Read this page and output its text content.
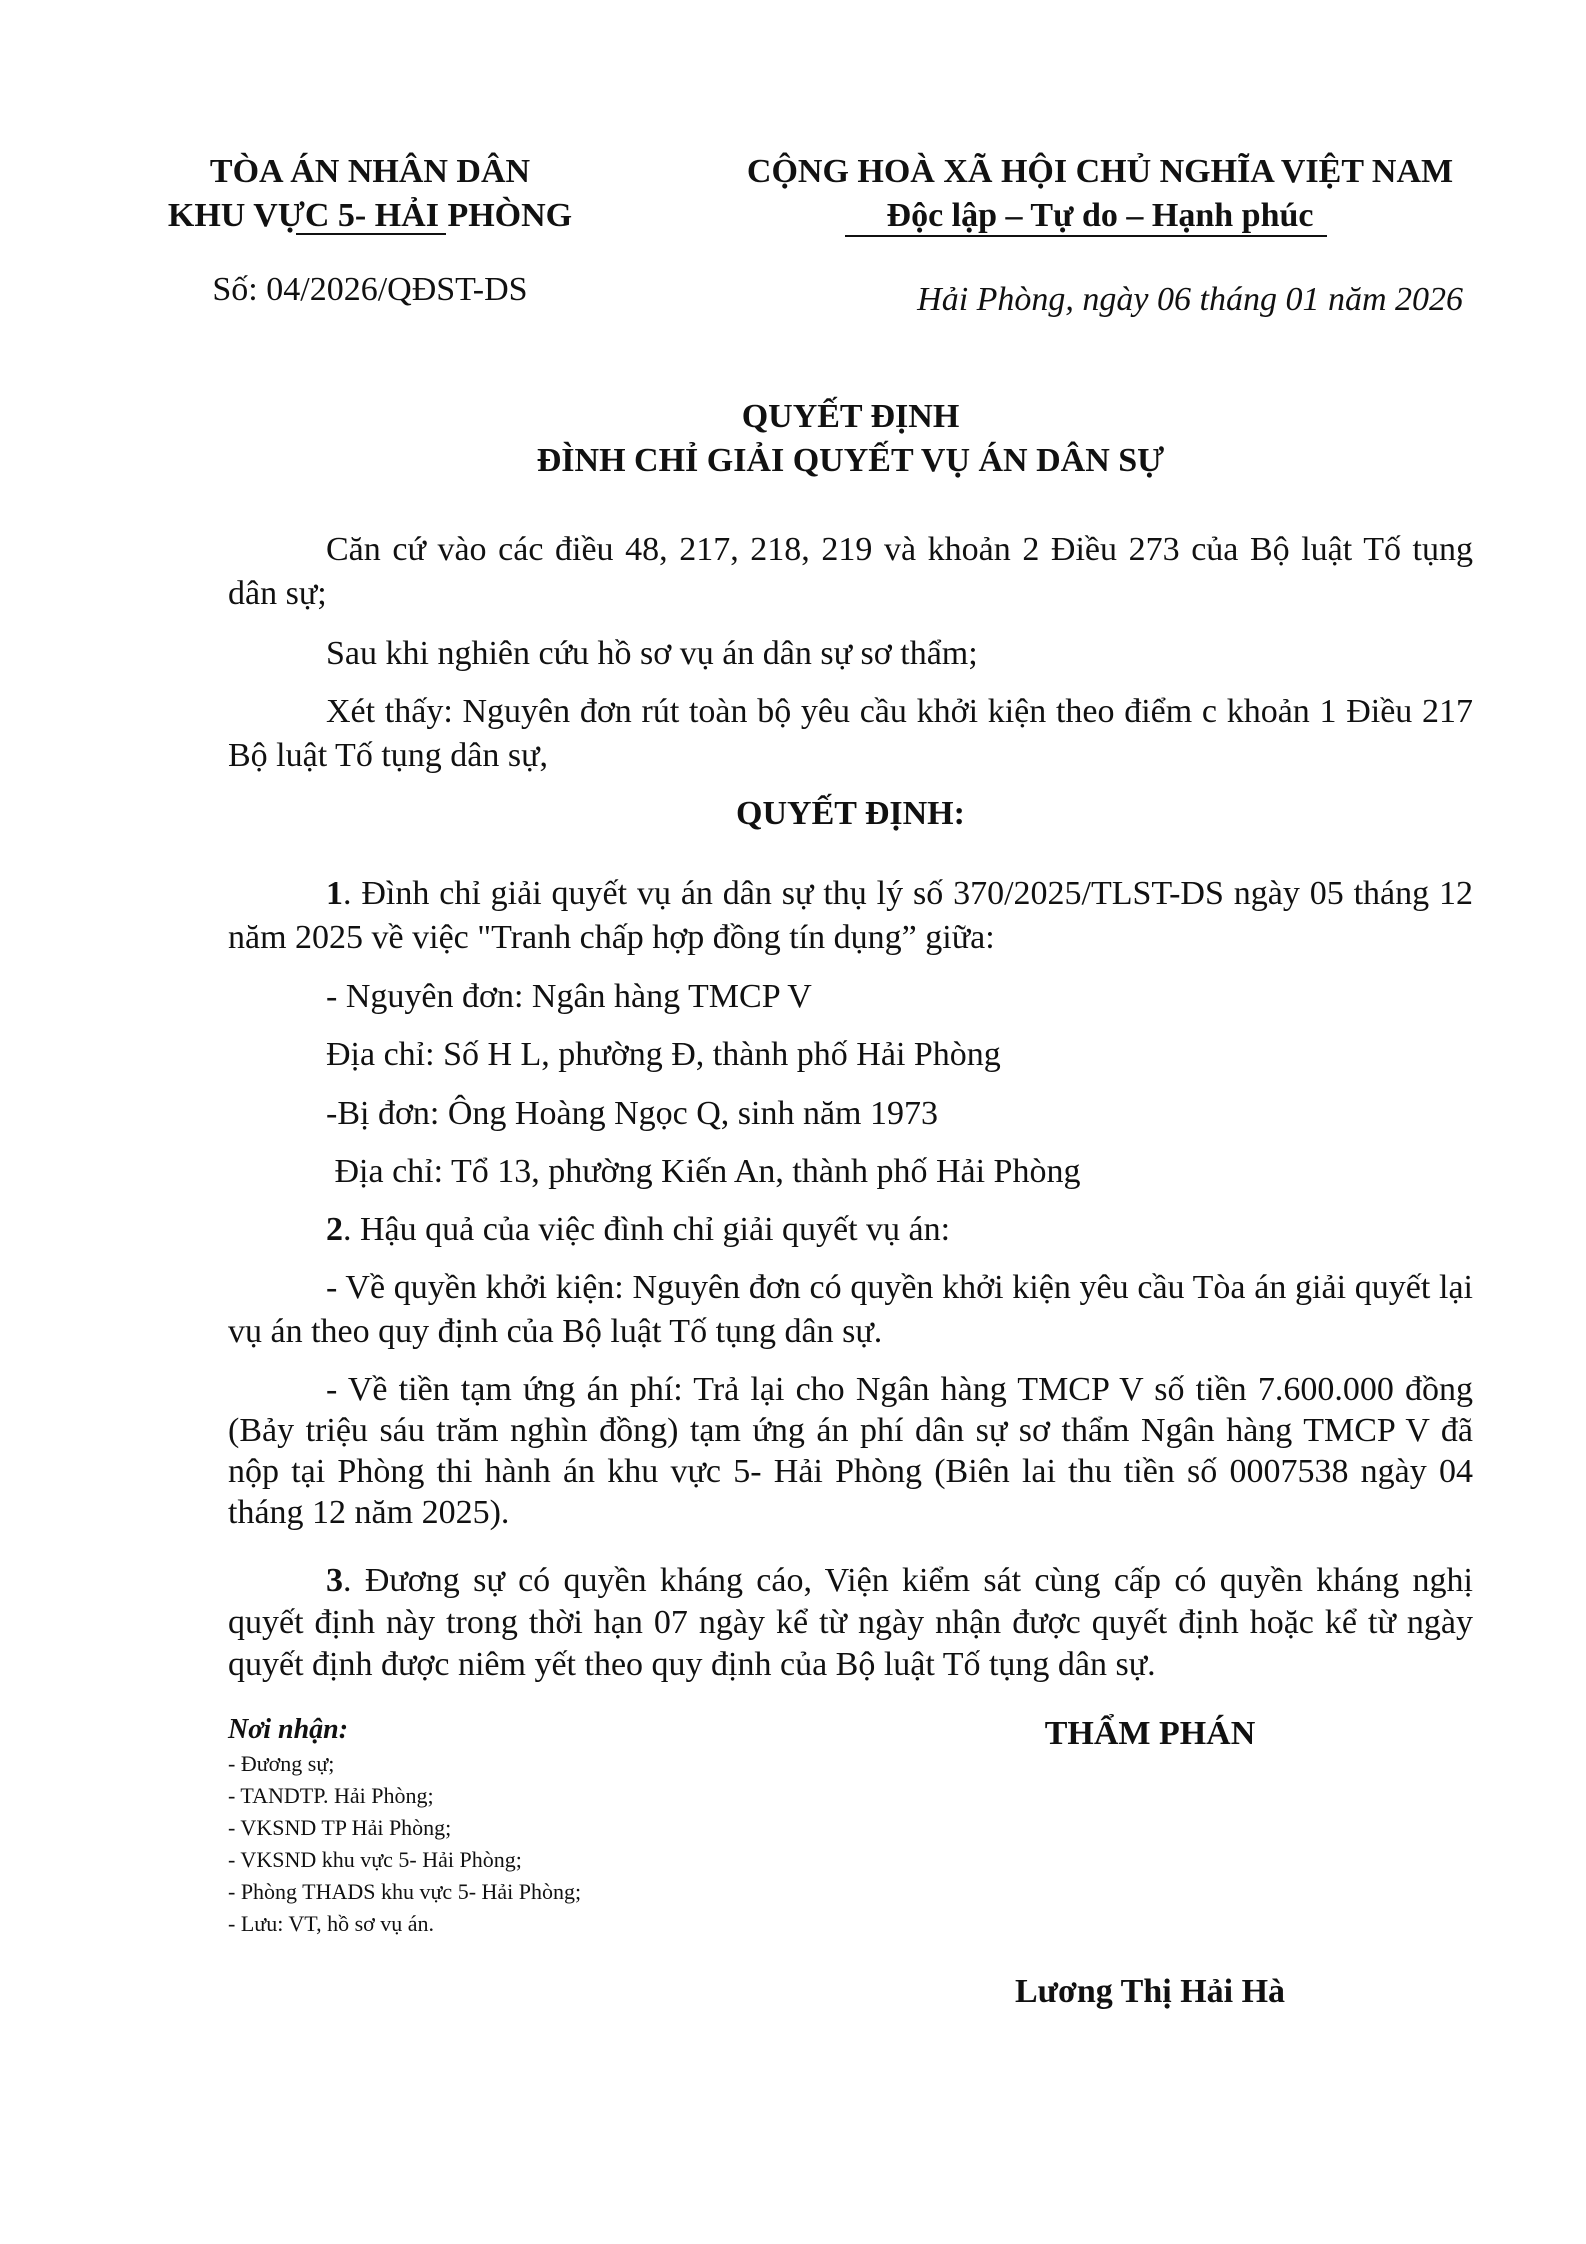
TÒA ÁN NHÂN DÂN
KHU VỰC 5- HẢI PHÒNG
Số: 04/2026/QĐST-DS
CỘNG HOÀ XÃ HỘI CHỦ NGHĨA VIỆT NAM
Độc lập – Tự do – Hạnh phúc
Hải Phòng, ngày 06 tháng 01 năm 2026
QUYẾT ĐỊNH
ĐÌNH CHỈ GIẢI QUYẾT VỤ ÁN DÂN SỰ
Căn cứ vào các điều 48, 217, 218, 219 và khoản 2 Điều 273 của Bộ luật Tố tụng dân sự;
Sau khi nghiên cứu hồ sơ vụ án dân sự sơ thẩm;
Xét thấy: Nguyên đơn rút toàn bộ yêu cầu khởi kiện theo điểm c khoản 1 Điều 217 Bộ luật Tố tụng dân sự,
QUYẾT ĐỊNH:
1. Đình chỉ giải quyết vụ án dân sự thụ lý số 370/2025/TLST-DS ngày 05 tháng 12 năm 2025 về việc "Tranh chấp hợp đồng tín dụng” giữa:
- Nguyên đơn: Ngân hàng TMCP V
Địa chỉ: Số H L, phường Đ, thành phố Hải Phòng
-Bị đơn: Ông Hoàng Ngọc Q, sinh năm 1973
Địa chỉ: Tổ 13, phường Kiến An, thành phố Hải Phòng
2. Hậu quả của việc đình chỉ giải quyết vụ án:
- Về quyền khởi kiện: Nguyên đơn có quyền khởi kiện yêu cầu Tòa án giải quyết lại vụ án theo quy định của Bộ luật Tố tụng dân sự.
- Về tiền tạm ứng án phí: Trả lại cho Ngân hàng TMCP V số tiền 7.600.000 đồng (Bảy triệu sáu trăm nghìn đồng) tạm ứng án phí dân sự sơ thẩm Ngân hàng TMCP V đã nộp tại Phòng thi hành án khu vực 5- Hải Phòng (Biên lai thu tiền số 0007538 ngày 04 tháng 12 năm 2025).
3. Đương sự có quyền kháng cáo, Viện kiểm sát cùng cấp có quyền kháng nghị quyết định này trong thời hạn 07 ngày kể từ ngày nhận được quyết định hoặc kể từ ngày quyết định được niêm yết theo quy định của Bộ luật Tố tụng dân sự.
Nơi nhận:
- Đương sự;
- TANDTP. Hải Phòng;
- VKSND TP Hải Phòng;
- VKSND khu vực 5- Hải Phòng;
- Phòng THADS khu vực 5- Hải Phòng;
- Lưu: VT, hồ sơ vụ án.
THẨM PHÁN
Lương Thị Hải Hà
